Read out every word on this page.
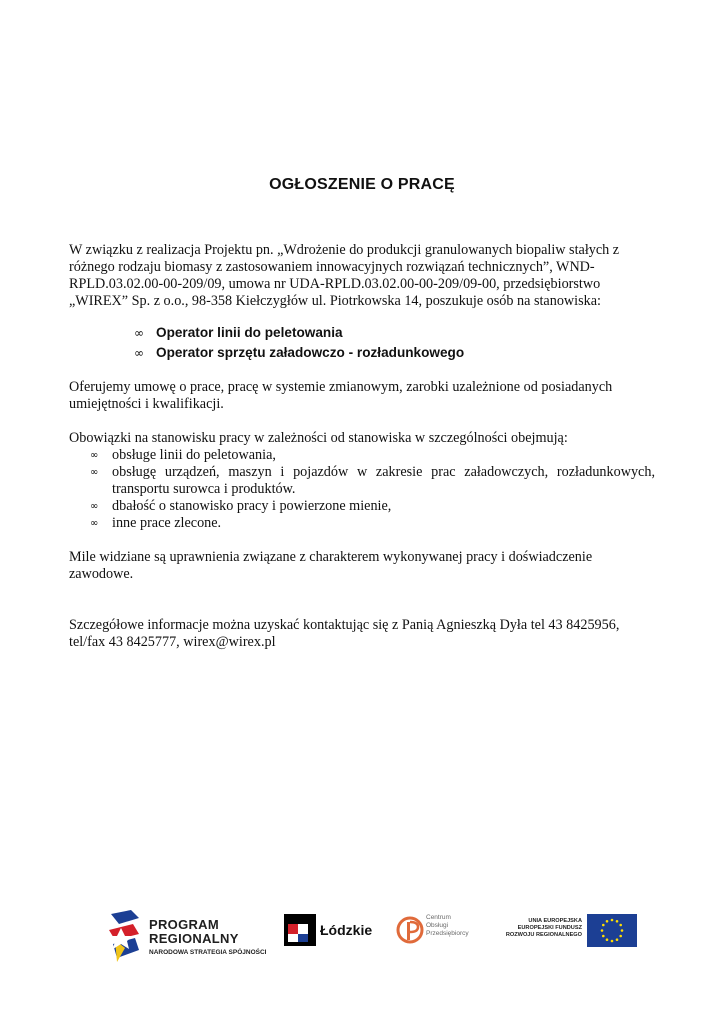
OGŁOSZENIE O PRACĘ
W związku z realizacja Projektu pn. „Wdrożenie do produkcji granulowanych biopaliw stałych z
różnego rodzaju biomasy z zastosowaniem innowacyjnych rozwiązań technicznych”, WND-
RPLD.03.02.00-00-209/09, umowa nr UDA-RPLD.03.02.00-00-209/09-00, przedsiębiorstwo
„WIREX” Sp. z o.o., 98-358 Kiełczygłów ul. Piotrkowska 14, poszukuje osób na stanowiska:
∞ Operator linii do peletowania
∞ Operator sprzętu załadowczo - rozładunkowego
Oferujemy umowę o prace, pracę w systemie zmianowym, zarobki uzależnione od posiadanych
umiejętności i kwalifikacji.
Obowiązki na stanowisku pracy w zależności od stanowiska w szczególności obejmują:
∞ obsługe linii do peletowania,
∞ obsługę urządzeń, maszyn i pojazdów w zakresie prac załadowczych, rozładunkowych, transportu surowca i produktów.
∞ dbałość o stanowisko pracy i powierzone mienie,
∞ inne prace zlecone.
Mile widziane są uprawnienia związane z charakterem wykonywanej pracy i doświadczenie
zawodowe.
Szczegółowe informacje można uzyskać kontaktując się z Panią Agnieszką Dyła tel 43 8425956,
tel/fax 43 8425777, wirex@wirex.pl
PROGRAM
REGIONALNY
NARODOWA STRATEGIA SPÓJNOŚCI
Łódzkie
Centrum
Obsługi
Przedsiębiorcy
UNIA EUROPEJSKA
EUROPEJSKI FUNDUSZ
ROZWOJU REGIONALNEGO
